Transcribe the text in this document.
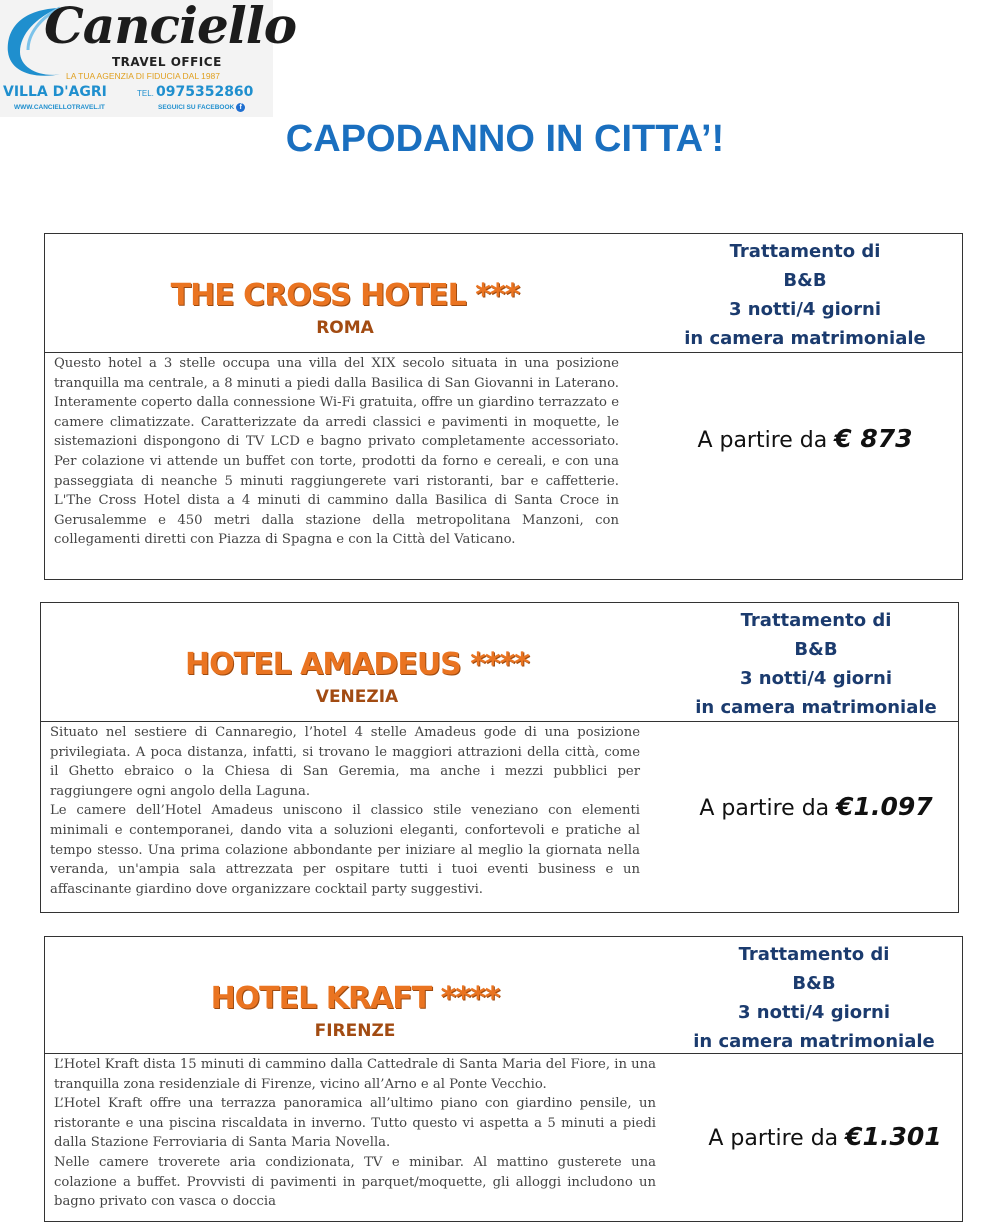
Canciello
TRAVEL OFFICE
LA TUA AGENZIA DI FIDUCIA DAL 1987
VILLA D'AGRI	TEL. 0975352860
WWW.CANCIELLOTRAVEL.IT	SEGUICI SU FACEBOOK f
CAPODANNO IN CITTA’!
THE CROSS HOTEL ***
ROMA
Trattamento di
B&B
3 notti/4 giorni
in camera matrimoniale

Questo hotel a 3 stelle occupa una villa del XIX secolo situata in una posizione tranquilla ma centrale, a 8 minuti a piedi dalla Basilica di San Giovanni in Laterano. Interamente coperto dalla connessione Wi-Fi gratuita, offre un giardino terrazzato e camere climatizzate. Caratterizzate da arredi classici e pavimenti in moquette, le sistemazioni dispongono di TV LCD e bagno privato completamente accessoriato. Per colazione vi attende un buffet con torte, prodotti da forno e cereali, e con una passeggiata di neanche 5 minuti raggiungerete vari ristoranti, bar e caffetterie. L'The Cross Hotel dista a 4 minuti di cammino dalla Basilica di Santa Croce in Gerusalemme e 450 metri dalla stazione della metropolitana Manzoni, con collegamenti diretti con Piazza di Spagna e con la Città del Vaticano.

A partire da € 873
HOTEL AMADEUS ****
VENEZIA
Trattamento di
B&B
3 notti/4 giorni
in camera matrimoniale

Situato nel sestiere di Cannaregio, l’hotel 4 stelle Amadeus gode di una posizione privilegiata. A poca distanza, infatti, si trovano le maggiori attrazioni della città, come il Ghetto ebraico o la Chiesa di San Geremia, ma anche i mezzi pubblici per raggiungere ogni angolo della Laguna.

Le camere dell’Hotel Amadeus uniscono il classico stile veneziano con elementi minimali e contemporanei, dando vita a soluzioni eleganti, confortevoli e pratiche al tempo stesso. Una prima colazione abbondante per iniziare al meglio la giornata nella veranda, un'ampia sala attrezzata per ospitare tutti i tuoi eventi business e un affascinante giardino dove organizzare cocktail party suggestivi.

A partire da €1.097
HOTEL KRAFT ****
FIRENZE
Trattamento di
B&B
3 notti/4 giorni
in camera matrimoniale

L’Hotel Kraft dista 15 minuti di cammino dalla Cattedrale di Santa Maria del Fiore, in una tranquilla zona residenziale di Firenze, vicino all’Arno e al Ponte Vecchio.

L’Hotel Kraft offre una terrazza panoramica all’ultimo piano con giardino pensile, un ristorante e una piscina riscaldata in inverno. Tutto questo vi aspetta a 5 minuti a piedi dalla Stazione Ferroviaria di Santa Maria Novella.

Nelle camere troverete aria condizionata, TV e minibar. Al mattino gusterete una colazione a buffet. Provvisti di pavimenti in parquet/moquette, gli alloggi includono un bagno privato con vasca o doccia

A partire da €1.301
